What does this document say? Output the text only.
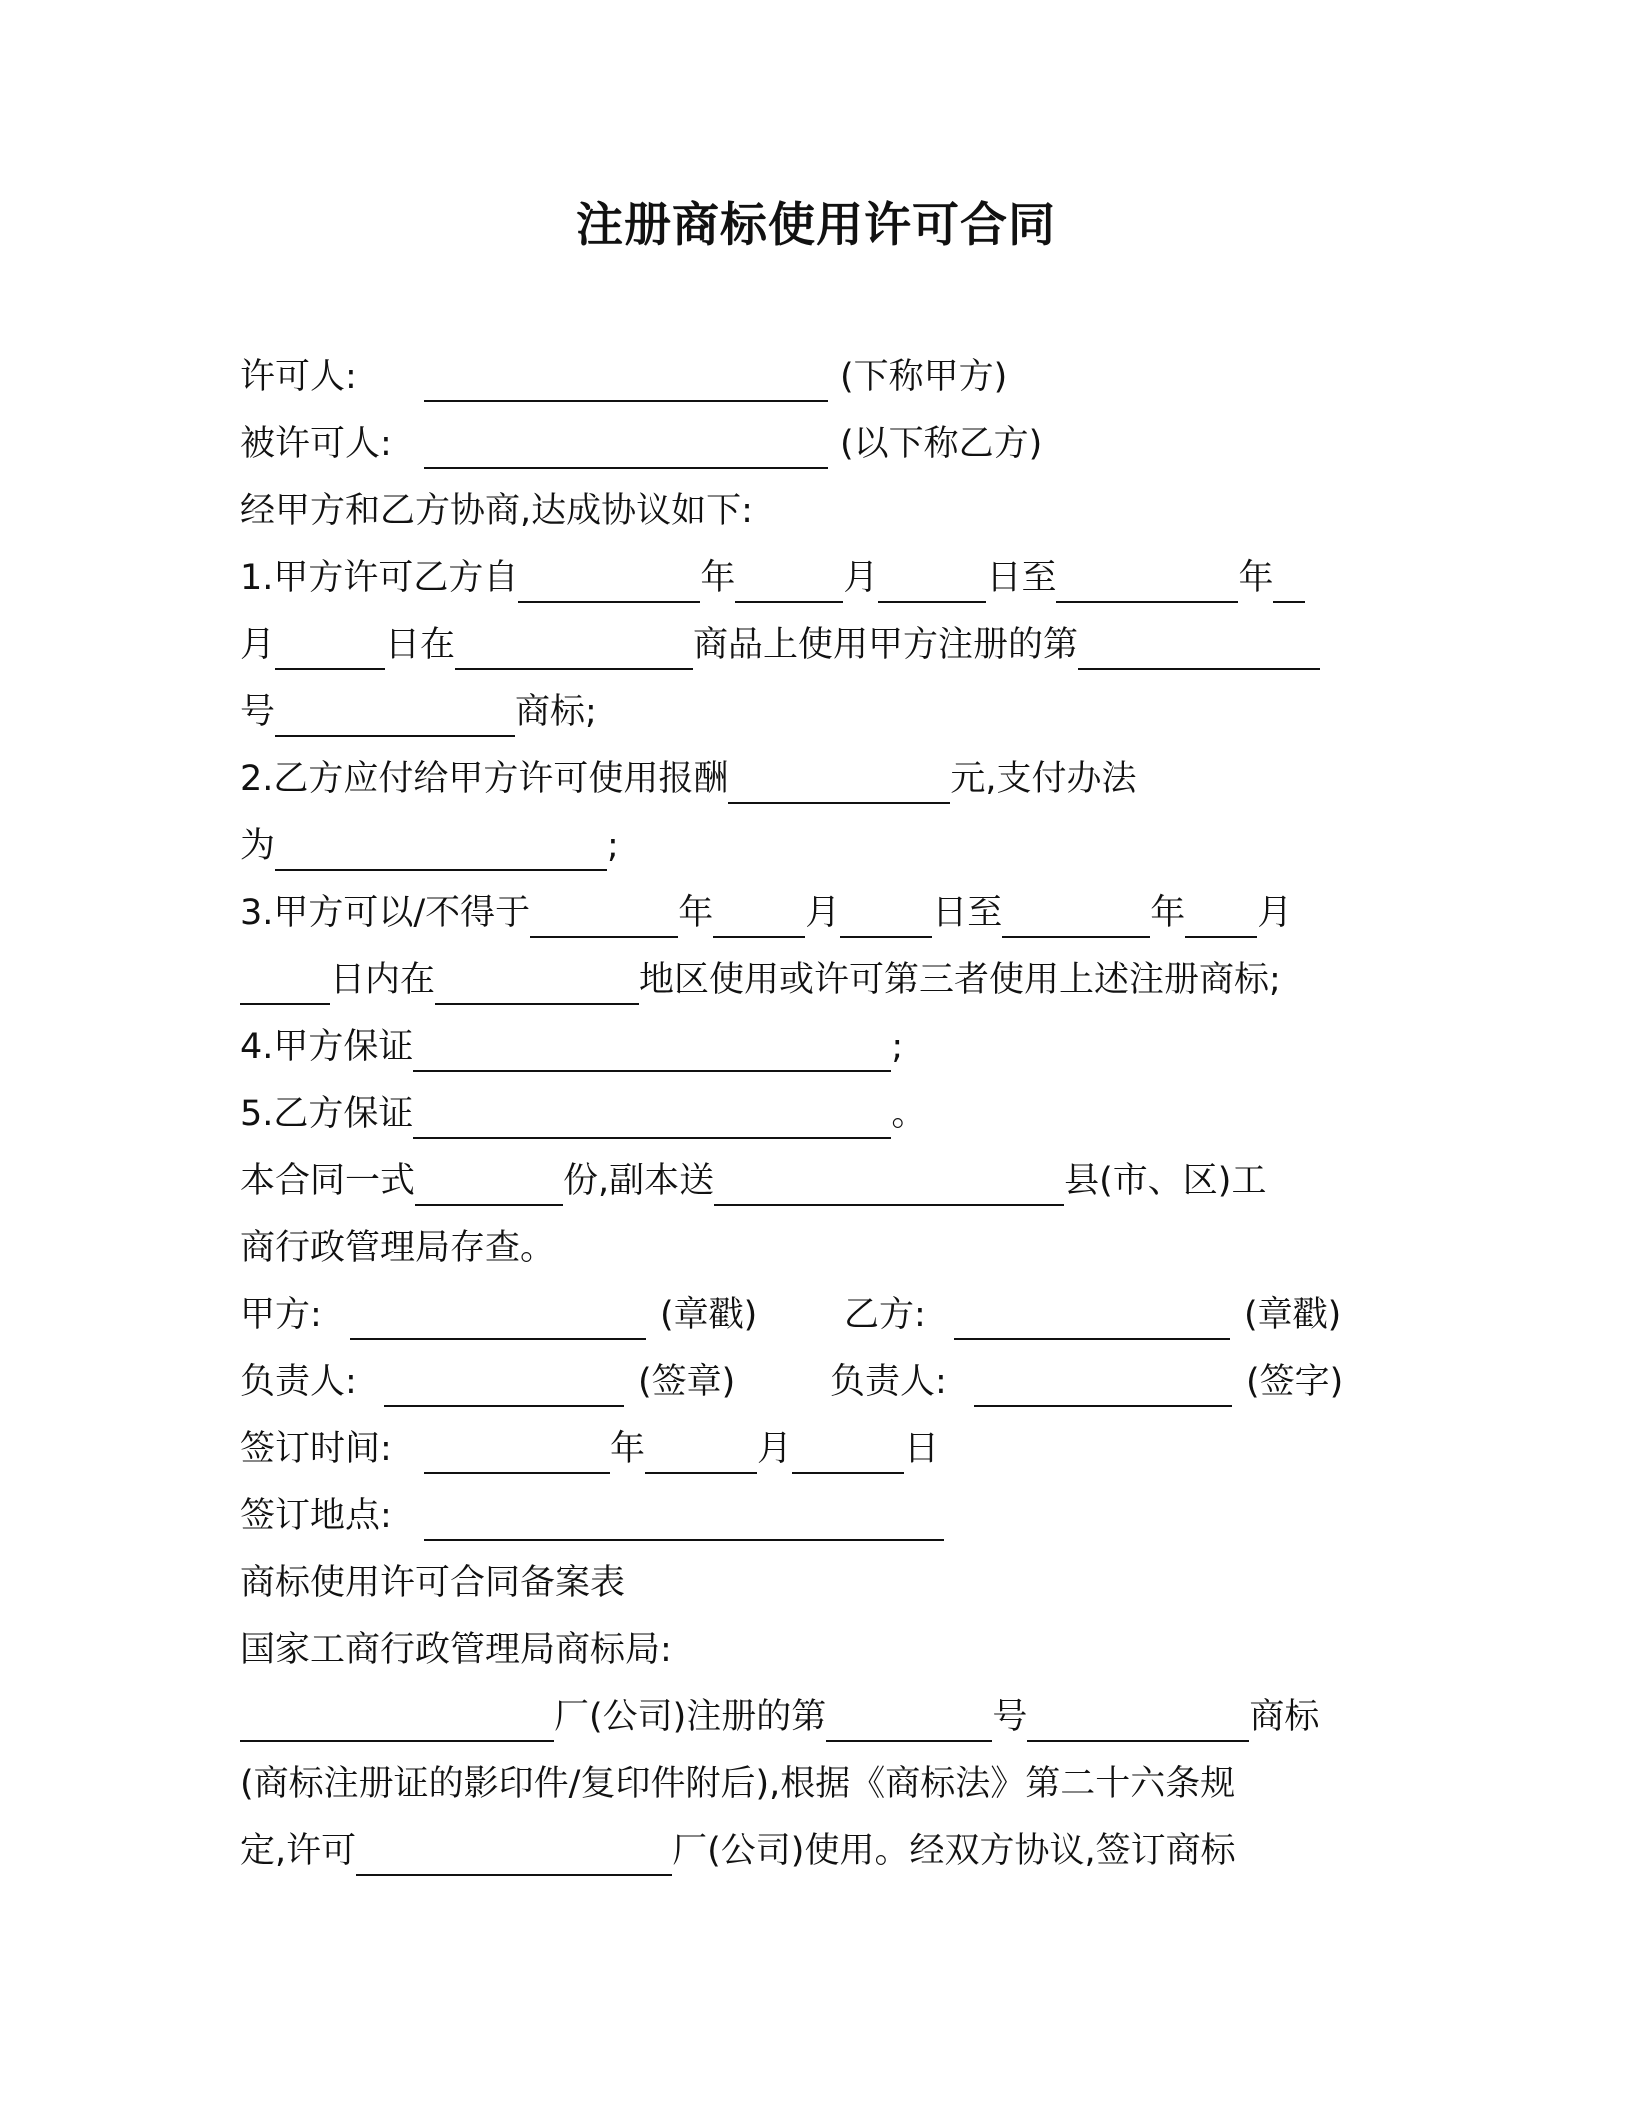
注册商标使用许可合同
许可人:	(下称甲方)
被许可人:	(以下称乙方)
经甲方和乙方协商,达成协议如下:
1.甲方许可乙方自	年	月	日至	年
月	日在	商品上使用甲方注册的第
号	商标;
2.乙方应付给甲方许可使用报酬	元,支付办法
为	;
3.甲方可以/不得于	年	月	日至	年 月
日内在	地区使用或许可第三者使用上述注册商标;
4.甲方保证	;
5.乙方保证	。
本合同一式	份,副本送	县(市、区)工
商行政管理局存查。
甲方:	(章戳) 乙方:	(章戳)
负责人:	(签章)	负责人:	(签字)
签订时间:	年	月	日
签订地点:
商标使用许可合同备案表
国家工商行政管理局商标局:
厂(公司)注册的第	号	商标
(商标注册证的影印件/复印件附后),根据《商标法》第二十六条规
定,许可	厂(公司)使用。经双方协议,签订商标
